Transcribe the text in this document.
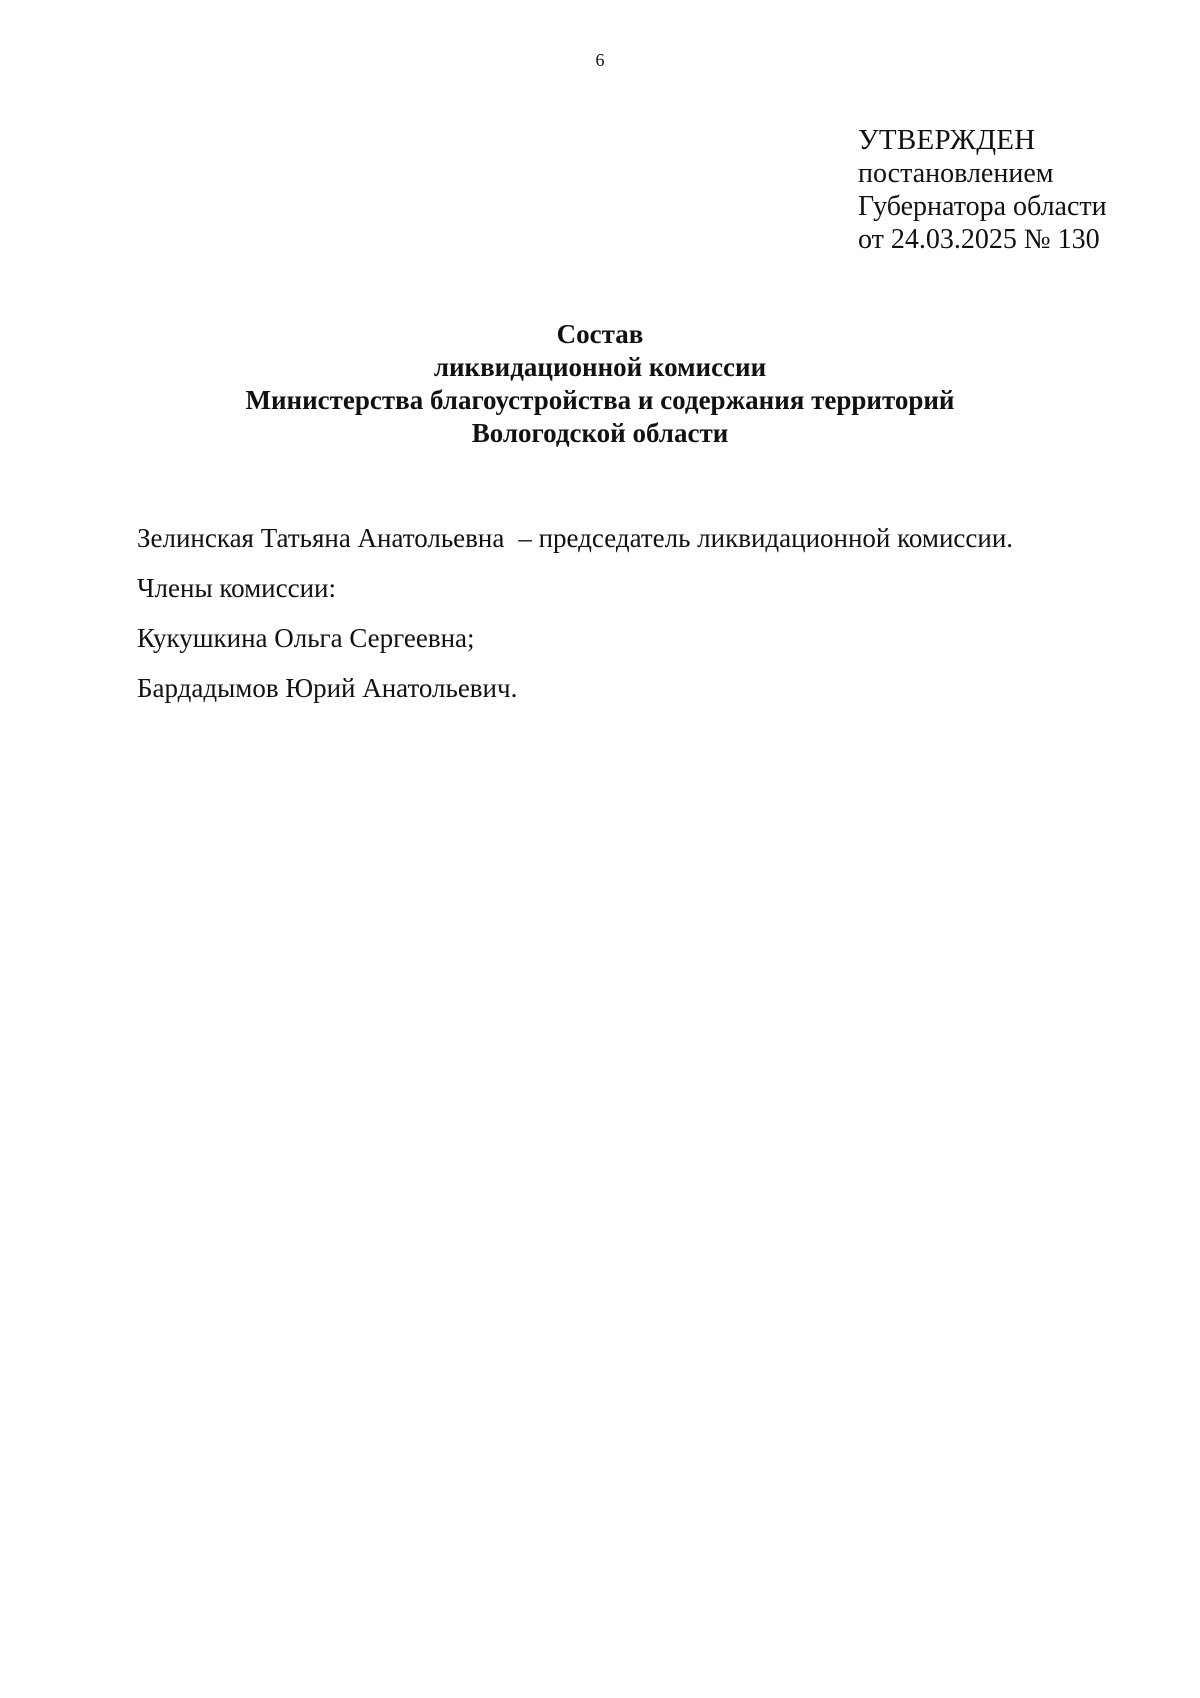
6
УТВЕРЖДЕН
постановлением
Губернатора области
от 24.03.2025 № 130
Состав
ликвидационной комиссии
Министерства благоустройства и содержания территорий
Вологодской области
Зелинская Татьяна Анатольевна – председатель ликвидационной комиссии.
Члены комиссии:
Кукушкина Ольга Сергеевна;
Бардадымов Юрий Анатольевич.
